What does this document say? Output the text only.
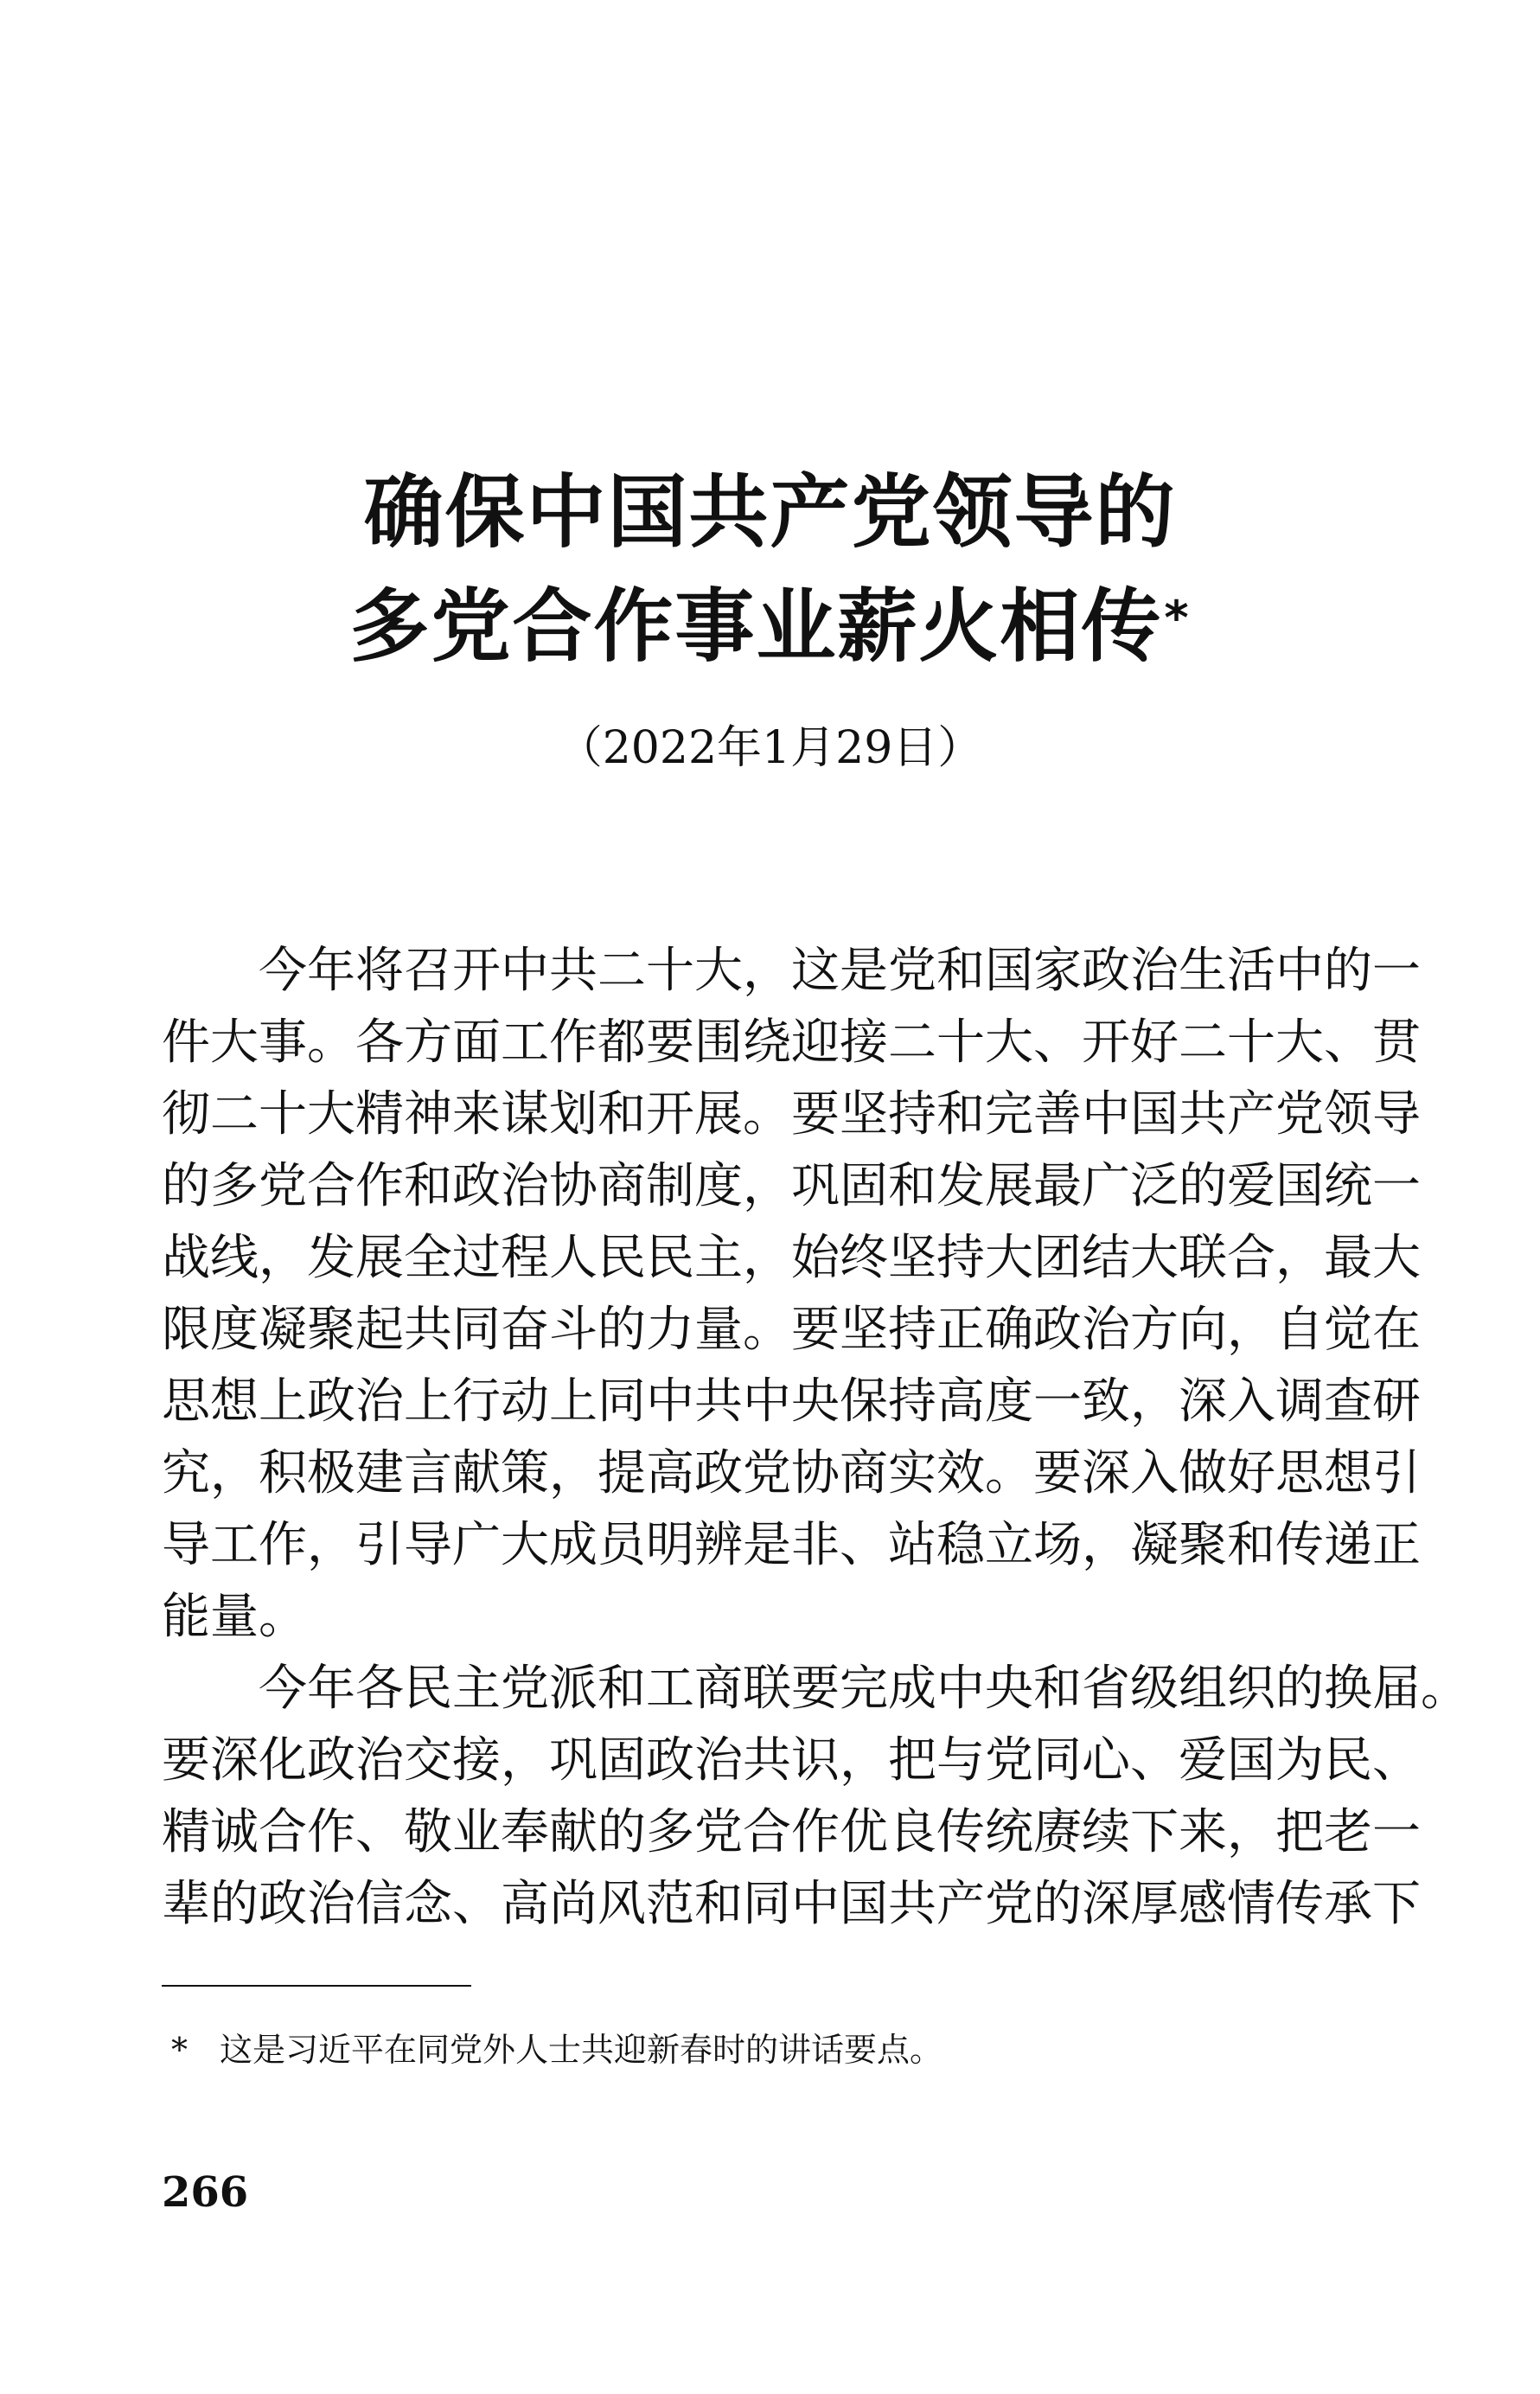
确保中国共产党领导的
多党合作事业薪火相传*
（2022年1月29日）
今年将召开中共二十大，这是党和国家政治生活中的一
件大事。各方面工作都要围绕迎接二十大、开好二十大、贯
彻二十大精神来谋划和开展。要坚持和完善中国共产党领导
的多党合作和政治协商制度，巩固和发展最广泛的爱国统一
战线，发展全过程人民民主，始终坚持大团结大联合，最大
限度凝聚起共同奋斗的力量。要坚持正确政治方向，自觉在
思想上政治上行动上同中共中央保持高度一致，深入调查研
究，积极建言献策，提高政党协商实效。要深入做好思想引
导工作，引导广大成员明辨是非、站稳立场，凝聚和传递正
能量。
今年各民主党派和工商联要完成中央和省级组织的换届。
要深化政治交接，巩固政治共识，把与党同心、爱国为民、
精诚合作、敬业奉献的多党合作优良传统赓续下来，把老一
辈的政治信念、高尚风范和同中国共产党的深厚感情传承下
* 这是习近平在同党外人士共迎新春时的讲话要点。
266
